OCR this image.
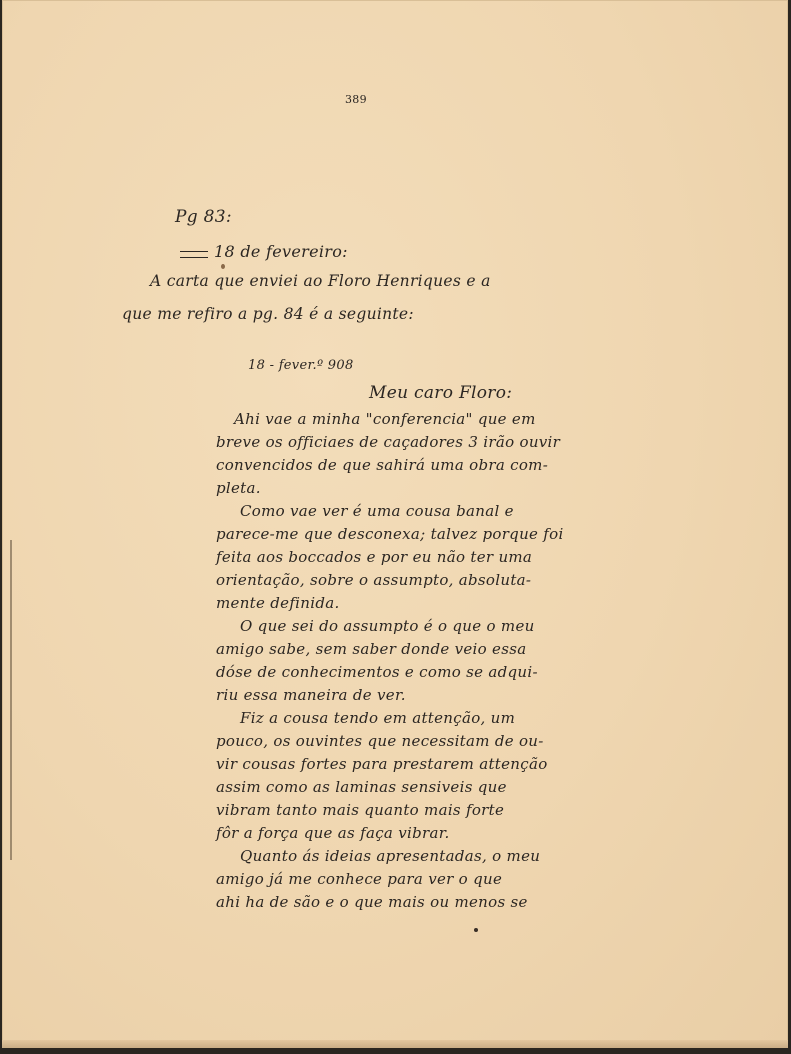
389
Pg 83:
18 de fevereiro:
A carta que enviei ao Floro Henriques e a
que me refiro a pg. 84 é a seguinte:
18 - fever.º 908
Meu caro Floro:
Ahi vae a minha "conferencia" que em
breve os officiaes de caçadores 3 irão ouvir
convencidos de que sahirá uma obra com-
pleta.
Como vae ver é uma cousa banal e
parece-me que desconexa; talvez porque foi
feita aos boccados e por eu não ter uma
orientação, sobre o assumpto, absoluta-
mente definida.
O que sei do assumpto é o que o meu
amigo sabe, sem saber donde veio essa
dóse de conhecimentos e como se adqui-
riu essa maneira de ver.
Fiz a cousa tendo em attenção, um
pouco, os ouvintes que necessitam de ou-
vir cousas fortes para prestarem attenção
assim como as laminas sensiveis que
vibram tanto mais quanto mais forte
fôr a força que as faça vibrar.
Quanto ás ideias apresentadas, o meu
amigo já me conhece para ver o que
ahi ha de são e o que mais ou menos se
